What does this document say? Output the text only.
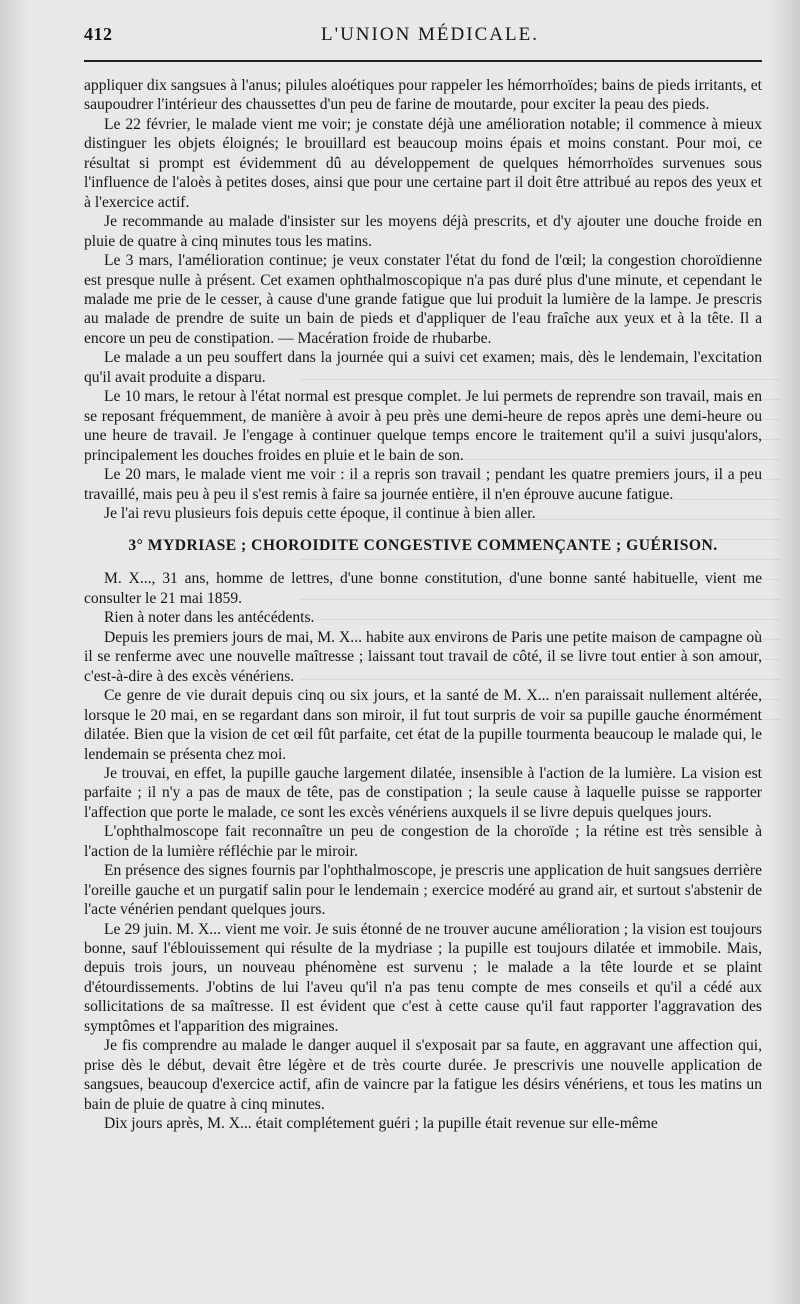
412	L'UNION MÉDICALE.

appliquer dix sangsues à l'anus; pilules aloétiques pour rappeler les hémorrhoïdes; bains de pieds irritants, et saupoudrer l'intérieur des chaussettes d'un peu de farine de moutarde, pour exciter la peau des pieds.

Le 22 février, le malade vient me voir; je constate déjà une amélioration notable; il commence à mieux distinguer les objets éloignés; le brouillard est beaucoup moins épais et moins constant. Pour moi, ce résultat si prompt est évidemment dû au développement de quelques hémorrhoïdes survenues sous l'influence de l'aloès à petites doses, ainsi que pour une certaine part il doit être attribué au repos des yeux et à l'exercice actif.

Je recommande au malade d'insister sur les moyens déjà prescrits, et d'y ajouter une douche froide en pluie de quatre à cinq minutes tous les matins.

Le 3 mars, l'amélioration continue; je veux constater l'état du fond de l'œil; la congestion choroïdienne est presque nulle à présent. Cet examen ophthalmoscopique n'a pas duré plus d'une minute, et cependant le malade me prie de le cesser, à cause d'une grande fatigue que lui produit la lumière de la lampe. Je prescris au malade de prendre de suite un bain de pieds et d'appliquer de l'eau fraîche aux yeux et à la tête. Il a encore un peu de constipation. — Macération froide de rhubarbe.

Le malade a un peu souffert dans la journée qui a suivi cet examen; mais, dès le lendemain, l'excitation qu'il avait produite a disparu.

Le 10 mars, le retour à l'état normal est presque complet. Je lui permets de reprendre son travail, mais en se reposant fréquemment, de manière à avoir à peu près une demi-heure de repos après une demi-heure ou une heure de travail. Je l'engage à continuer quelque temps encore le traitement qu'il a suivi jusqu'alors, principalement les douches froides en pluie et le bain de son.

Le 20 mars, le malade vient me voir : il a repris son travail ; pendant les quatre premiers jours, il a peu travaillé, mais peu à peu il s'est remis à faire sa journée entière, il n'en éprouve aucune fatigue.

Je l'ai revu plusieurs fois depuis cette époque, il continue à bien aller.

3° MYDRIASE ; CHOROIDITE CONGESTIVE COMMENÇANTE ; GUÉRISON.

M. X..., 31 ans, homme de lettres, d'une bonne constitution, d'une bonne santé habituelle, vient me consulter le 21 mai 1859.

Rien à noter dans les antécédents.

Depuis les premiers jours de mai, M. X... habite aux environs de Paris une petite maison de campagne où il se renferme avec une nouvelle maîtresse ; laissant tout travail de côté, il se livre tout entier à son amour, c'est-à-dire à des excès vénériens.

Ce genre de vie durait depuis cinq ou six jours, et la santé de M. X... n'en paraissait nullement altérée, lorsque le 20 mai, en se regardant dans son miroir, il fut tout surpris de voir sa pupille gauche énormément dilatée. Bien que la vision de cet œil fût parfaite, cet état de la pupille tourmenta beaucoup le malade qui, le lendemain se présenta chez moi.

Je trouvai, en effet, la pupille gauche largement dilatée, insensible à l'action de la lumière. La vision est parfaite ; il n'y a pas de maux de tête, pas de constipation ; la seule cause à laquelle puisse se rapporter l'affection que porte le malade, ce sont les excès vénériens auxquels il se livre depuis quelques jours.

L'ophthalmoscope fait reconnaître un peu de congestion de la choroïde ; la rétine est très sensible à l'action de la lumière réfléchie par le miroir.

En présence des signes fournis par l'ophthalmoscope, je prescris une application de huit sangsues derrière l'oreille gauche et un purgatif salin pour le lendemain ; exercice modéré au grand air, et surtout s'abstenir de l'acte vénérien pendant quelques jours.

Le 29 juin. M. X... vient me voir. Je suis étonné de ne trouver aucune amélioration ; la vision est toujours bonne, sauf l'éblouissement qui résulte de la mydriase ; la pupille est toujours dilatée et immobile. Mais, depuis trois jours, un nouveau phénomène est survenu ; le malade a la tête lourde et se plaint d'étourdissements. J'obtins de lui l'aveu qu'il n'a pas tenu compte de mes conseils et qu'il a cédé aux sollicitations de sa maîtresse. Il est évident que c'est à cette cause qu'il faut rapporter l'aggravation des symptômes et l'apparition des migraines.

Je fis comprendre au malade le danger auquel il s'exposait par sa faute, en aggravant une affection qui, prise dès le début, devait être légère et de très courte durée. Je prescrivis une nouvelle application de sangsues, beaucoup d'exercice actif, afin de vaincre par la fatigue les désirs vénériens, et tous les matins un bain de pluie de quatre à cinq minutes.

Dix jours après, M. X... était complétement guéri ; la pupille était revenue sur elle-même
